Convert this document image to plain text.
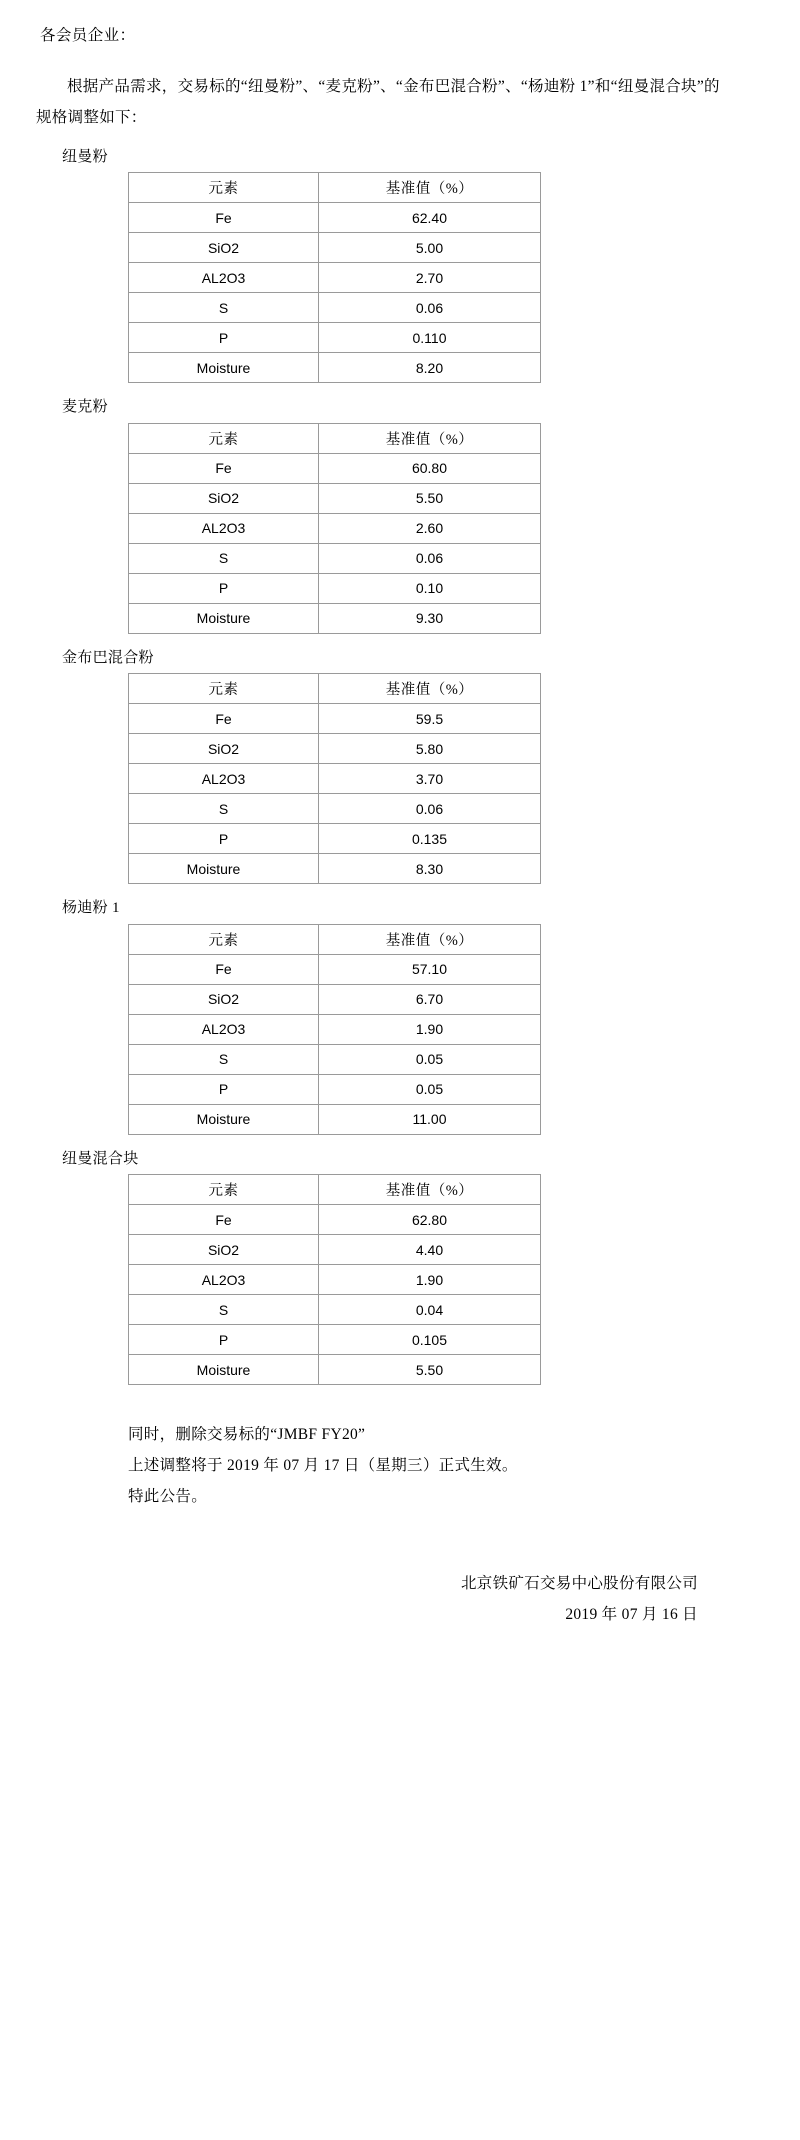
各会员企业：
根据产品需求，交易标的“纽曼粉”、“麦克粉”、“金布巴混合粉”、“杨迪粉 1”和“纽曼混合块”的规格调整如下：
纽曼粉
元素	基准值（%）
Fe	62.40
SiO2	5.00
AL2O3	2.70
S	0.06
P	0.110
Moisture	8.20
麦克粉
元素	基准值（%）
Fe	60.80
SiO2	5.50
AL2O3	2.60
S	0.06
P	0.10
Moisture	9.30
金布巴混合粉
元素	基准值（%）
Fe	59.5
SiO2	5.80
AL2O3	3.70
S	0.06
P	0.135
Moisture	8.30
杨迪粉 1
元素	基准值（%）
Fe	57.10
SiO2	6.70
AL2O3	1.90
S	0.05
P	0.05
Moisture	11.00
纽曼混合块
元素	基准值（%）
Fe	62.80
SiO2	4.40
AL2O3	1.90
S	0.04
P	0.105
Moisture	5.50
同时，删除交易标的“JMBF FY20”
上述调整将于 2019 年 07 月 17 日（星期三）正式生效。
特此公告。
北京铁矿石交易中心股份有限公司
2019 年 07 月 16 日
